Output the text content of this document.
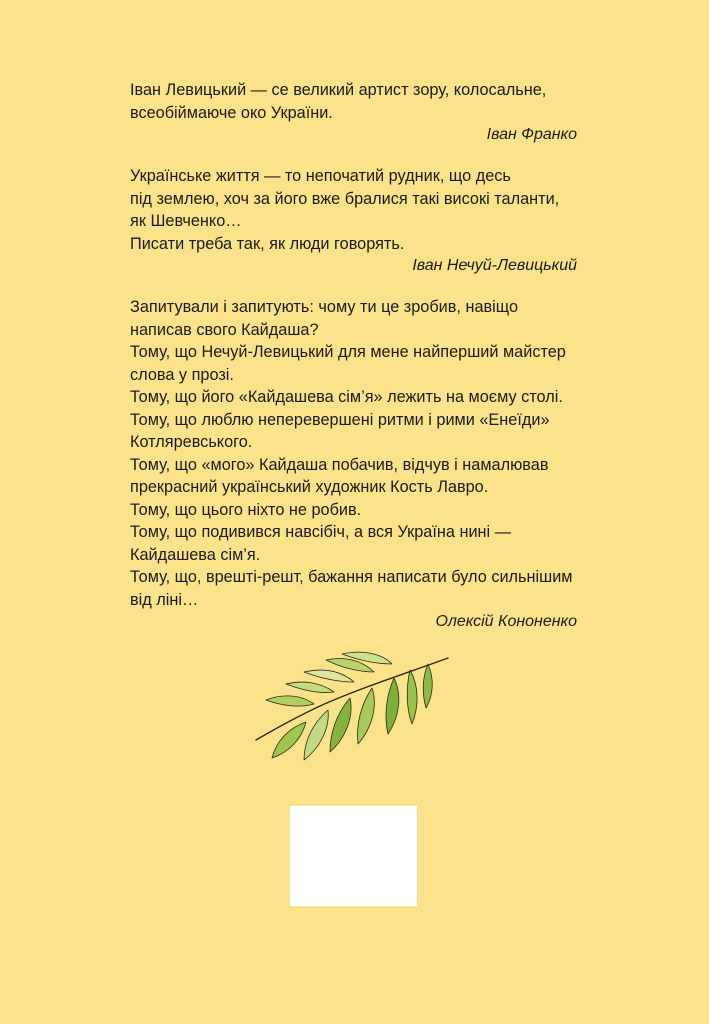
Іван Левицький — се великий артист зору, колосальне,
всеобіймаюче око України.
Іван Франко
Українське життя — то непочатий рудник, що десь
під землею, хоч за його вже бралися такі високі таланти,
як Шевченко…
Писати треба так, як люди говорять.
Іван Нечуй-Левицький
Запитували і запитують: чому ти це зробив, навіщо
написав свого Кайдаша?
Тому, що Нечуй-Левицький для мене найперший майстер
слова у прозі.
Тому, що його «Кайдашева сім’я» лежить на моєму столі.
Тому, що люблю неперевершені ритми і рими «Енеїди»
Котляревського.
Тому, що «мого» Кайдаша побачив, відчув і намалював
прекрасний український художник Кость Лавро.
Тому, що цього ніхто не робив.
Тому, що подивився навсібіч, а вся Україна нині —
Кайдашева сім’я.
Тому, що, врешті-решт, бажання написати було сильнішим
від ліні…
Олексій Кононенко
